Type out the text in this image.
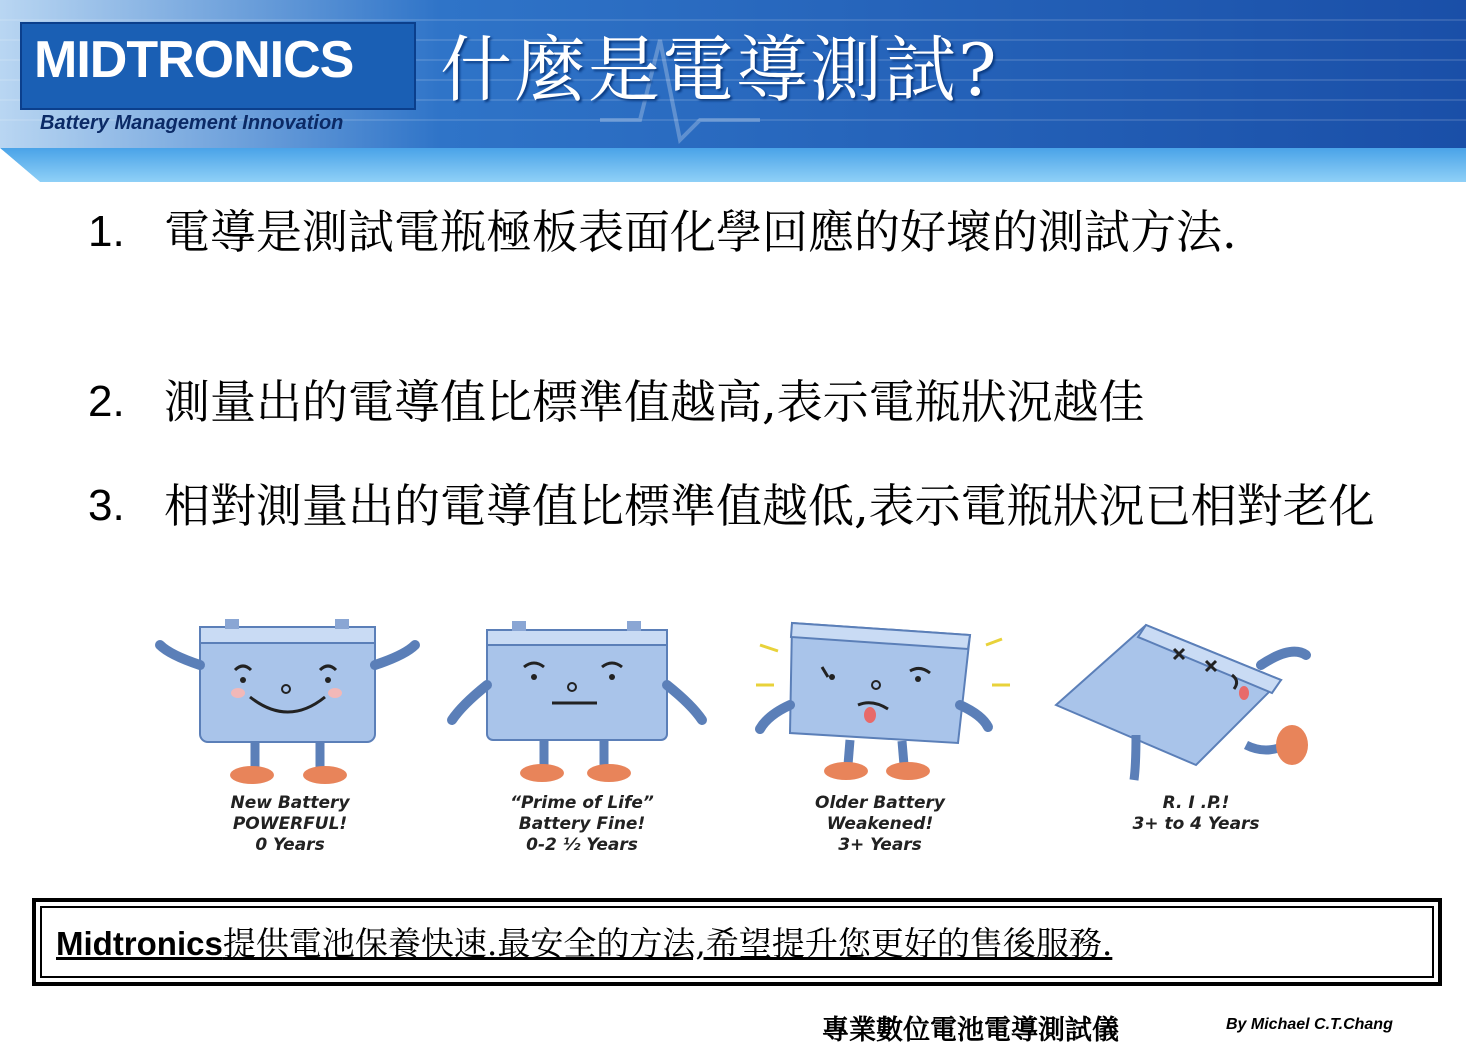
MIDTRONICS
Battery Management Innovation
什麼是電導測試?
1. 電導是測試電瓶極板表面化學回應的好壞的測試方法.
2. 測量出的電導值比標準值越高,表示電瓶狀況越佳
3. 相對測量出的電導值比標準值越低,表示電瓶狀況已相對老化
New Battery
POWERFUL!
0 Years
“Prime of Life”
Battery Fine!
0-2 ½ Years
Older Battery
Weakened!
3+ Years
R. I .P.!
3+ to 4 Years
Midtronics提供電池保養快速.最安全的方法,希望提升您更好的售後服務.
專業數位電池電導測試儀	By Michael C.T.Chang
